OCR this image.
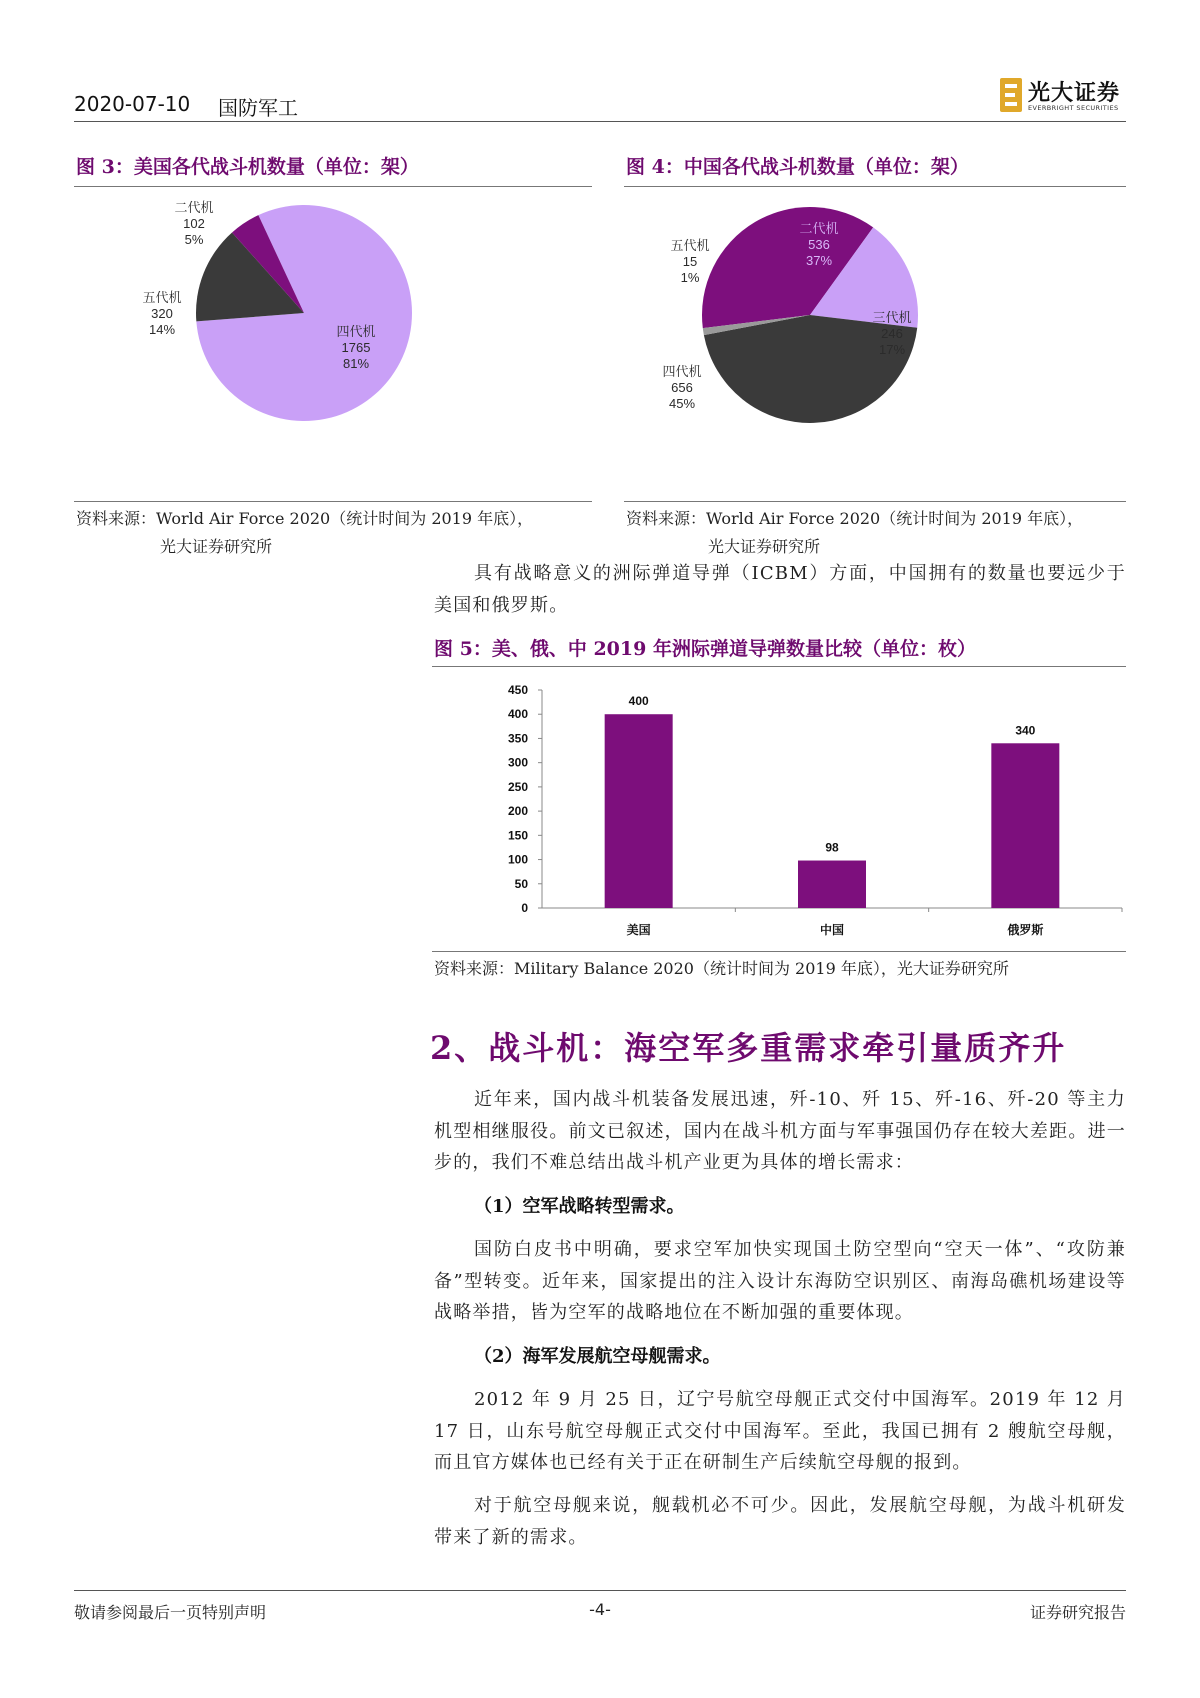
2020-07-10 国防军工
光大证券
EVERBRIGHT SECURITIES
图 3：美国各代战斗机数量（单位：架）
四代机 1765 81%
五代机 320 14%
二代机 102 5%
资料来源：World Air Force 2020（统计时间为 2019 年底），
光大证券研究所
图 4：中国各代战斗机数量（单位：架）
二代机 536 37%
三代机 246 17%
四代机 656 45%
五代机 15 1%
资料来源：World Air Force 2020（统计时间为 2019 年底），
光大证券研究所
具有战略意义的洲际弹道导弹（ICBM）方面，中国拥有的数量也要远少于美国和俄罗斯。
图 5：美、俄、中 2019 年洲际弹道导弹数量比较（单位：枚）
0
50
100
150
200
250
300
350
400
450
400
美国
98
中国
340
俄罗斯
资料来源：Military Balance 2020（统计时间为 2019 年底），光大证券研究所
2、战斗机：海空军多重需求牵引量质齐升
近年来，国内战斗机装备发展迅速，歼-10、歼 15、歼-16、歼-20 等主力机型相继服役。前文已叙述，国内在战斗机方面与军事强国仍存在较大差距。进一步的，我们不难总结出战斗机产业更为具体的增长需求：
（1）空军战略转型需求。
国防白皮书中明确，要求空军加快实现国土防空型向“空天一体”、“攻防兼备”型转变。近年来，国家提出的注入设计东海防空识别区、南海岛礁机场建设等战略举措，皆为空军的战略地位在不断加强的重要体现。
（2）海军发展航空母舰需求。
2012 年 9 月 25 日，辽宁号航空母舰正式交付中国海军。2019 年 12 月 17 日，山东号航空母舰正式交付中国海军。至此，我国已拥有 2 艘航空母舰，而且官方媒体也已经有关于正在研制生产后续航空母舰的报到。
对于航空母舰来说，舰载机必不可少。因此，发展航空母舰，为战斗机研发带来了新的需求。
敬请参阅最后一页特别声明	-4-	证券研究报告
